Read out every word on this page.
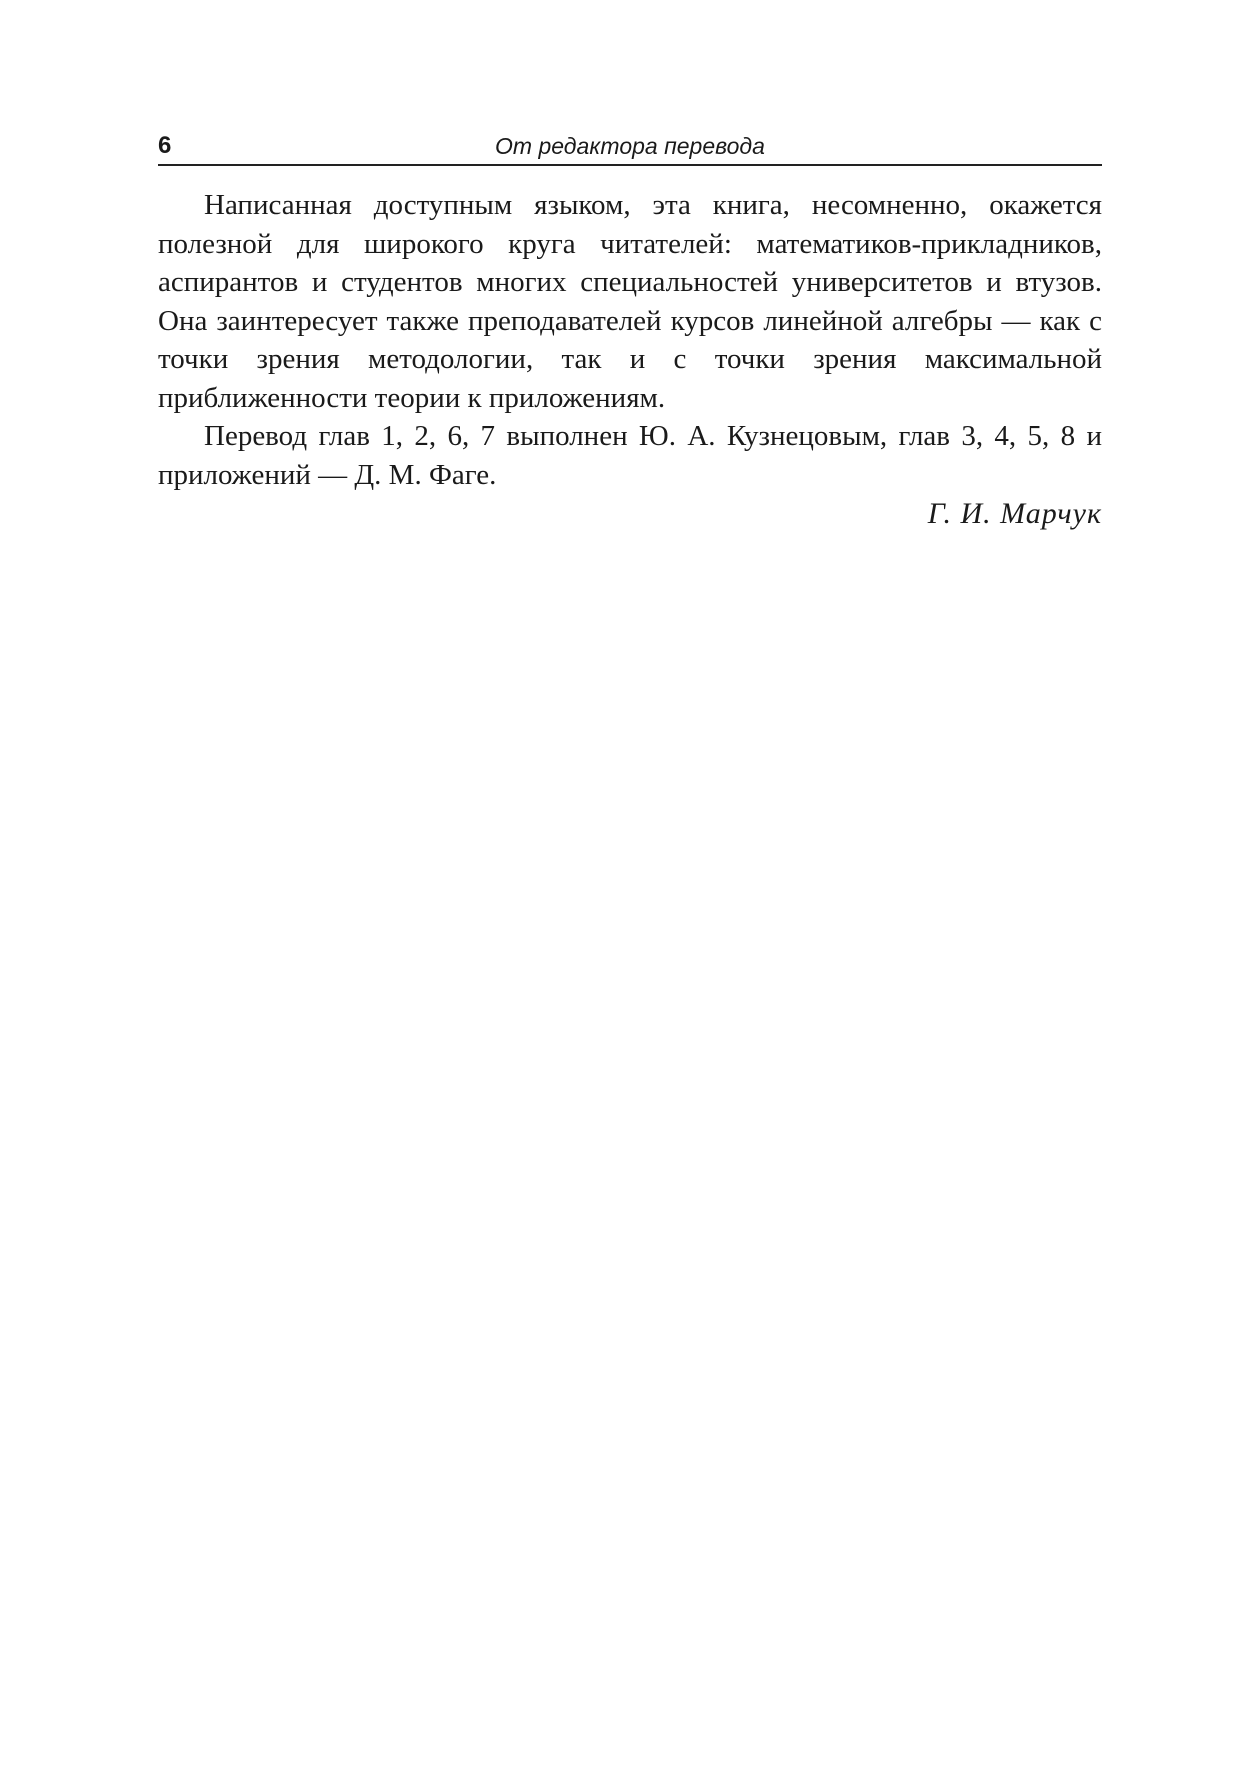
6	От редактора перевода

Написанная доступным языком, эта книга, несомненно, окажется полезной для широкого круга читателей: математиков-прикладников, аспирантов и студентов многих специальностей университетов и втузов. Она заинтересует также преподавателей курсов линейной алгебры — как с точки зрения методологии, так и с точки зрения максимальной приближенности теории к приложениям.

Перевод глав 1, 2, 6, 7 выполнен Ю. А. Кузнецовым, глав 3, 4, 5, 8 и приложений — Д. М. Фаге.

Г. И. Марчук
